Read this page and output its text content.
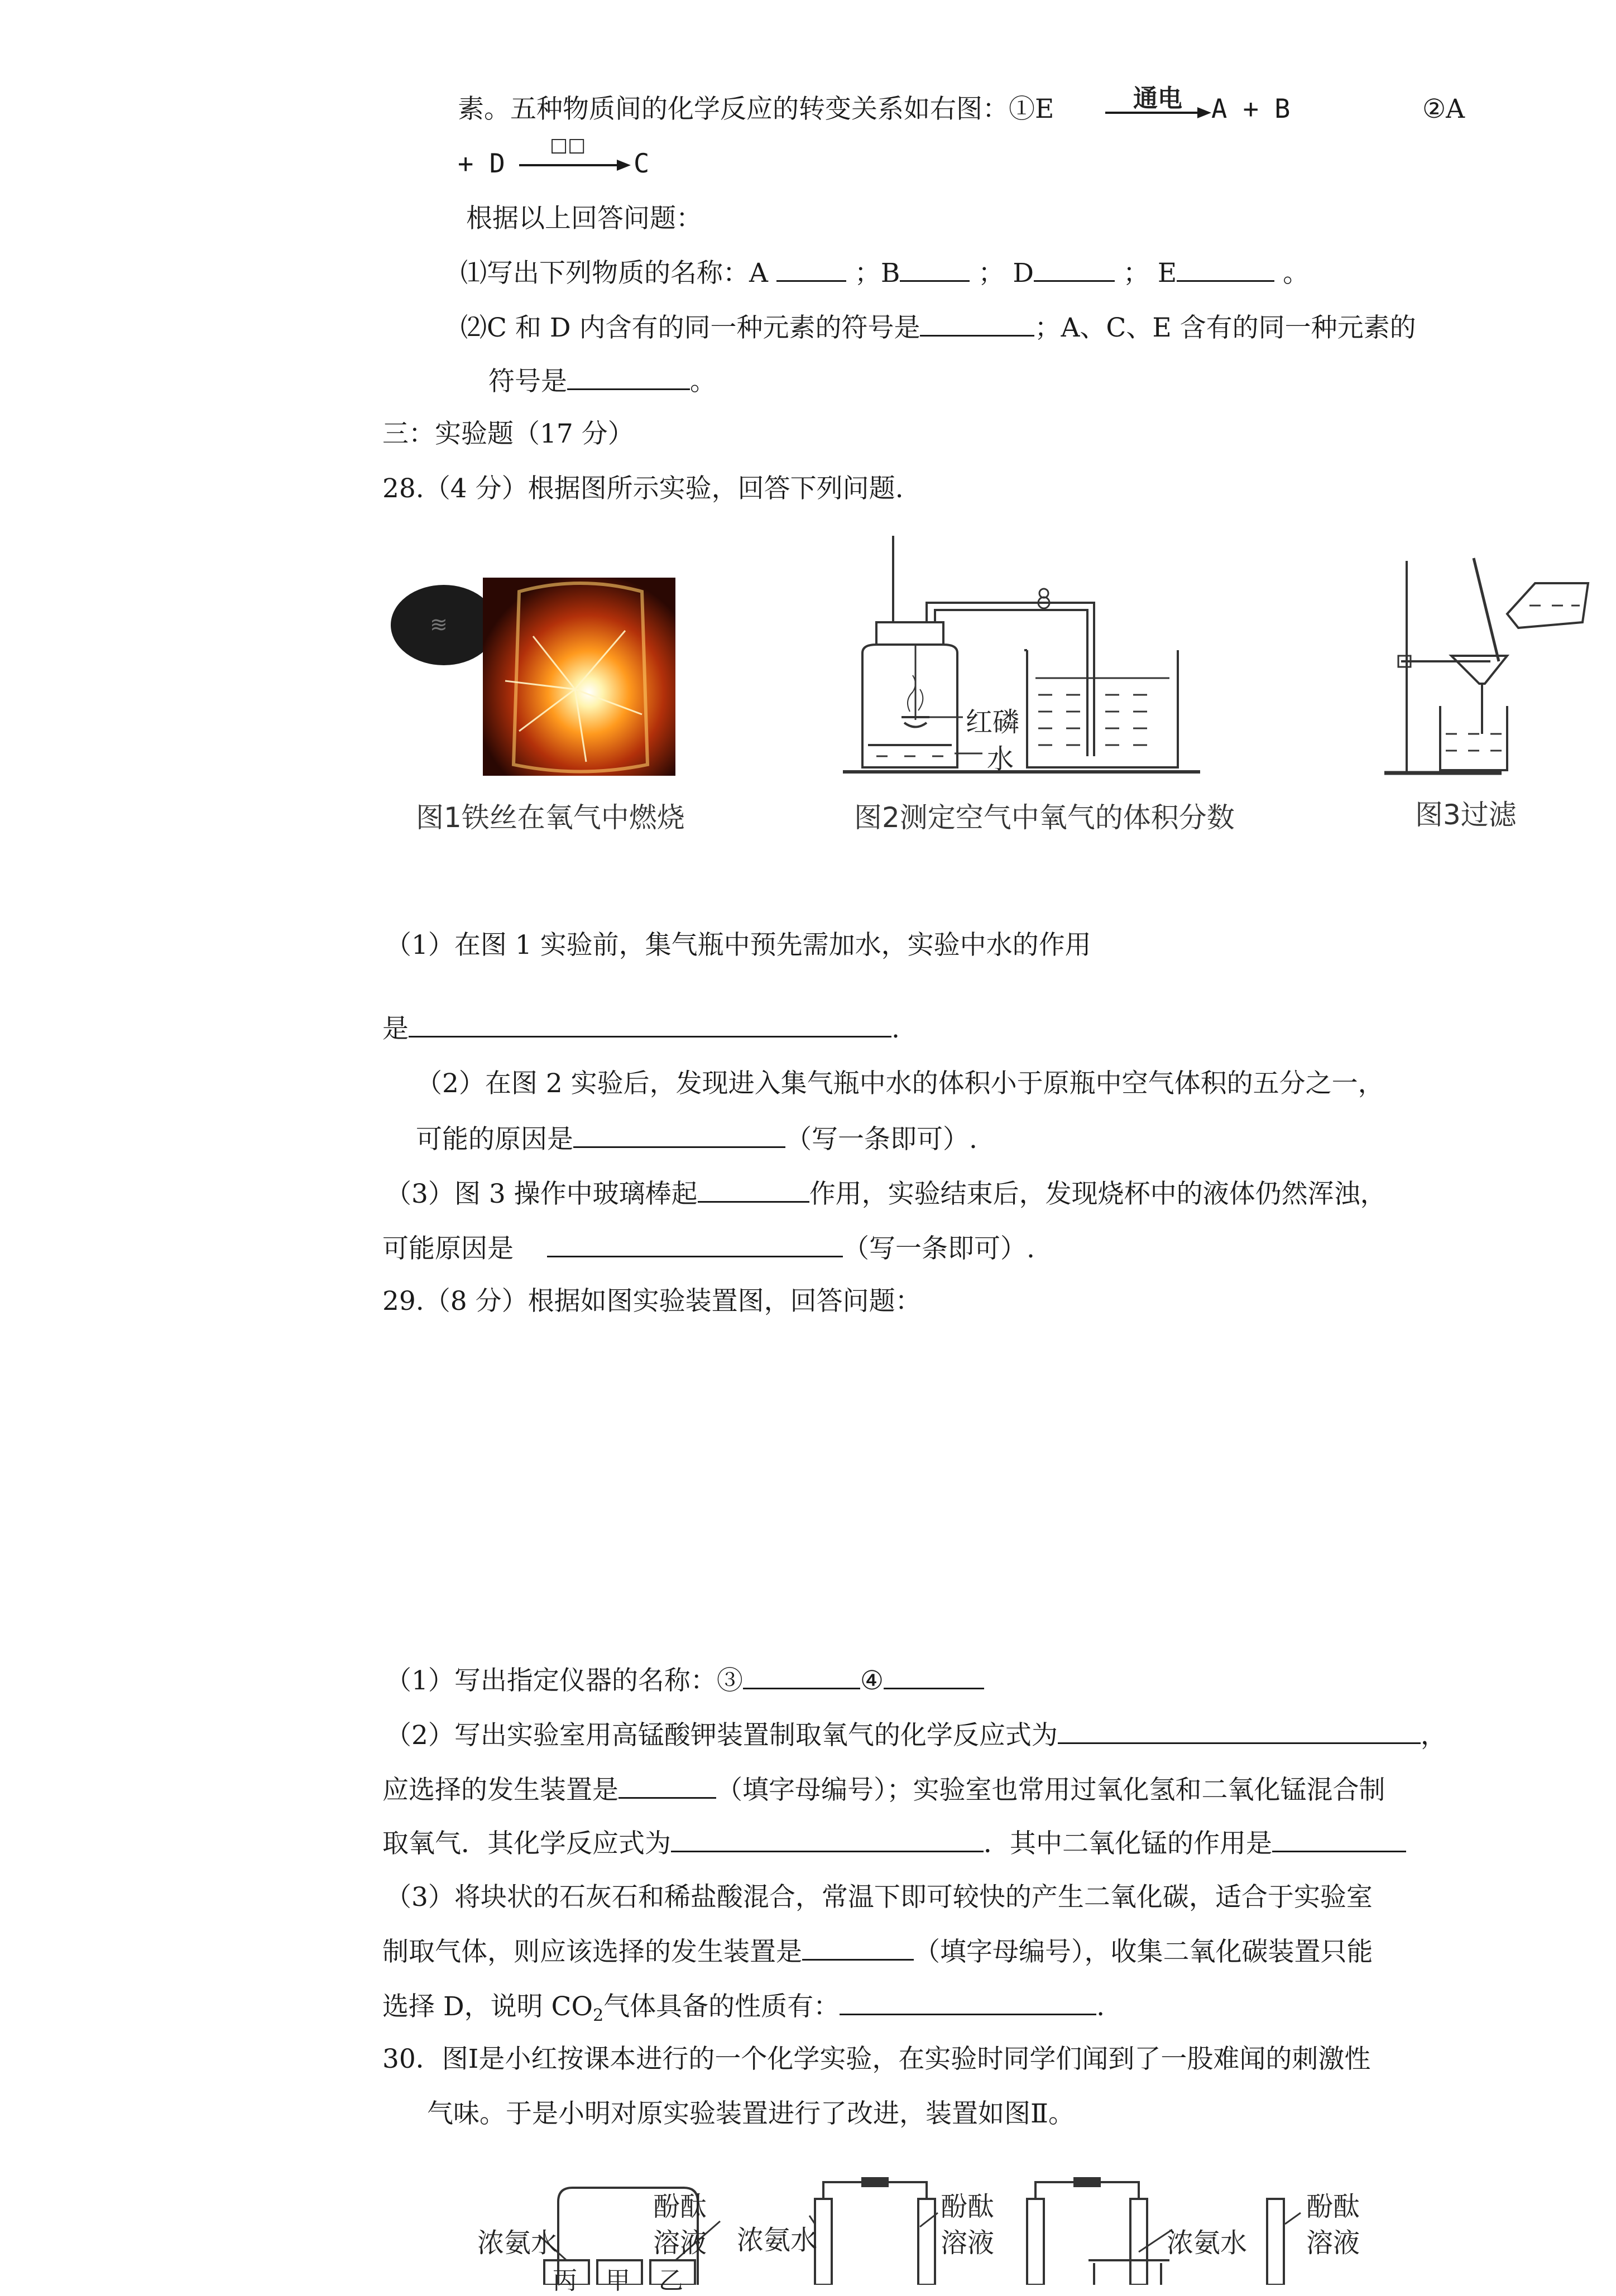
素。五种物质间的化学反应的转变关系如右图：①E	通电 A + B	②A
+ D
□□
C
根据以上回答问题：
⑴写出下列物质的名称：A	；B	； D	； E	。
⑵C 和 D 内含有的同一种元素的符号是	；A、C、E 含有的同一种元素的
符号是	。
三：实验题（17 分）
28.（4 分）根据图所示实验，回答下列问题.
≋
图1铁丝在氧气中燃烧
红磷
水
图2测定空气中氧气的体积分数	图3过滤
（1）在图 1 实验前，集气瓶中预先需加水，实验中水的作用
是	.
（2）在图 2 实验后，发现进入集气瓶中水的体积小于原瓶中空气体积的五分之一，
可能的原因是	（写一条即可）.
（3）图 3 操作中玻璃棒起	作用，实验结束后，发现烧杯中的液体仍然浑浊，
可能原因是	（写一条即可）.
29.（8 分）根据如图实验装置图，回答问题：
（1）写出指定仪器的名称：③	④
（2）写出实验室用高锰酸钾装置制取氧气的化学反应式为	，
应选择的发生装置是	（填字母编号）；实验室也常用过氧化氢和二氧化锰混合制
取氧气．其化学反应式为	．其中二氧化锰的作用是
（3）将块状的石灰石和稀盐酸混合，常温下即可较快的产生二氧化碳，适合于实验室
制取气体，则应该选择的发生装置是	（填字母编号），收集二氧化碳装置只能
选择 D，说明 $CO_2$气体具备的性质有：	.
30．图Ⅰ是小红按课本进行的一个化学实验，在实验时同学们闻到了一股难闻的刺激性
气味。于是小明对原实验装置进行了改进，装置如图Ⅱ。
浓氨水
酚酞
溶液
丙 甲 乙
浓氨水
酚酞
溶液	浓氨水
酚酞
溶液
